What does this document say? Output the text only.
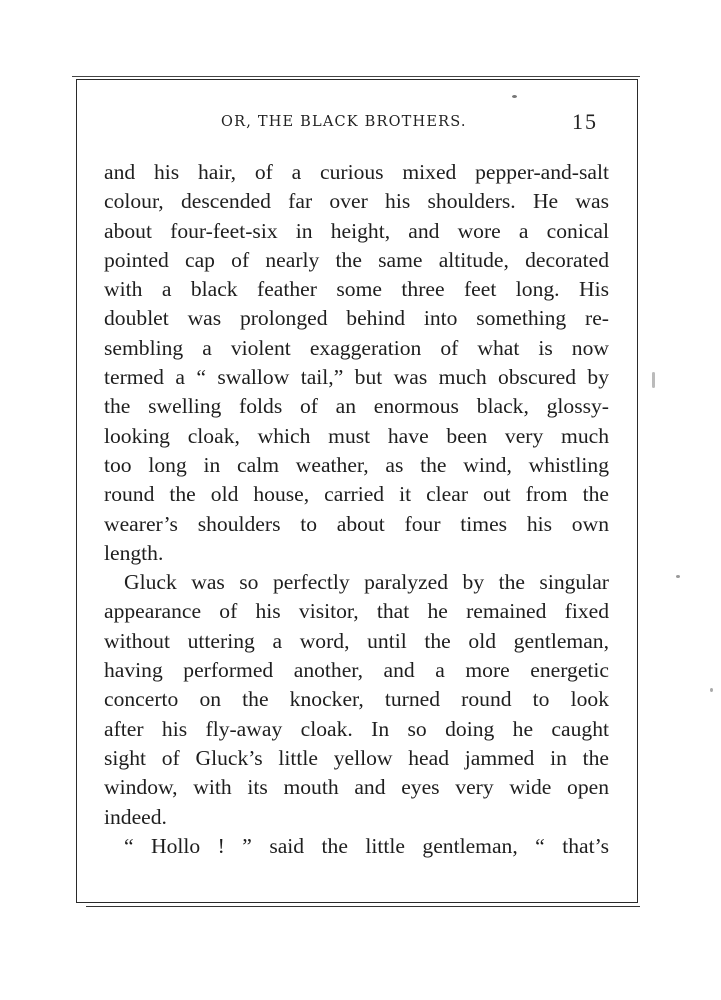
OR, THE BLACK BROTHERS.	15
and his hair, of a curious mixed pepper-and-salt
colour, descended far over his shoulders. He was
about four-feet-six in height, and wore a conical
pointed cap of nearly the same altitude, decorated
with a black feather some three feet long. His
doublet was prolonged behind into something re-
sembling a violent exaggeration of what is now
termed a “ swallow tail,” but was much obscured by
the swelling folds of an enormous black, glossy-
looking cloak, which must have been very much
too long in calm weather, as the wind, whistling
round the old house, carried it clear out from the
wearer’s shoulders to about four times his own
length.
Gluck was so perfectly paralyzed by the singular
appearance of his visitor, that he remained fixed
without uttering a word, until the old gentleman,
having performed another, and a more energetic
concerto on the knocker, turned round to look
after his fly-away cloak. In so doing he caught
sight of Gluck’s little yellow head jammed in the
window, with its mouth and eyes very wide open
indeed.
“ Hollo ! ” said the little gentleman, “ that’s
